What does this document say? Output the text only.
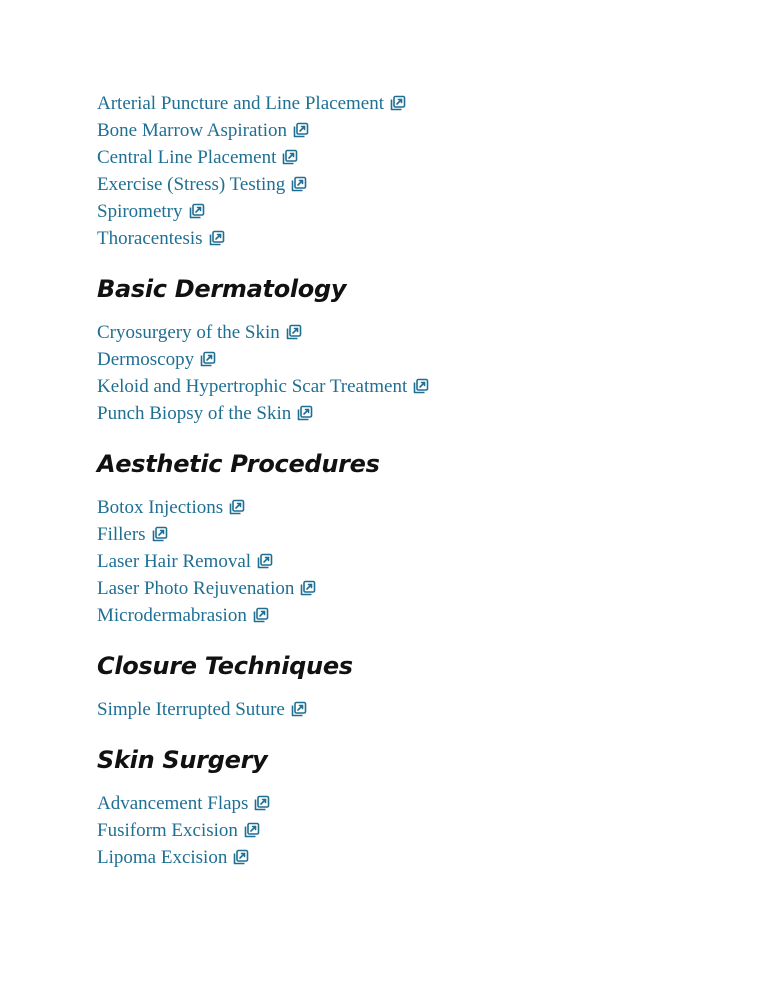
Arterial Puncture and Line Placement
Bone Marrow Aspiration
Central Line Placement
Exercise (Stress) Testing
Spirometry
Thoracentesis
Basic Dermatology
Cryosurgery of the Skin
Dermoscopy
Keloid and Hypertrophic Scar Treatment
Punch Biopsy of the Skin
Aesthetic Procedures
Botox Injections
Fillers
Laser Hair Removal
Laser Photo Rejuvenation
Microdermabrasion
Closure Techniques
Simple Iterrupted Suture
Skin Surgery
Advancement Flaps
Fusiform Excision
Lipoma Excision
